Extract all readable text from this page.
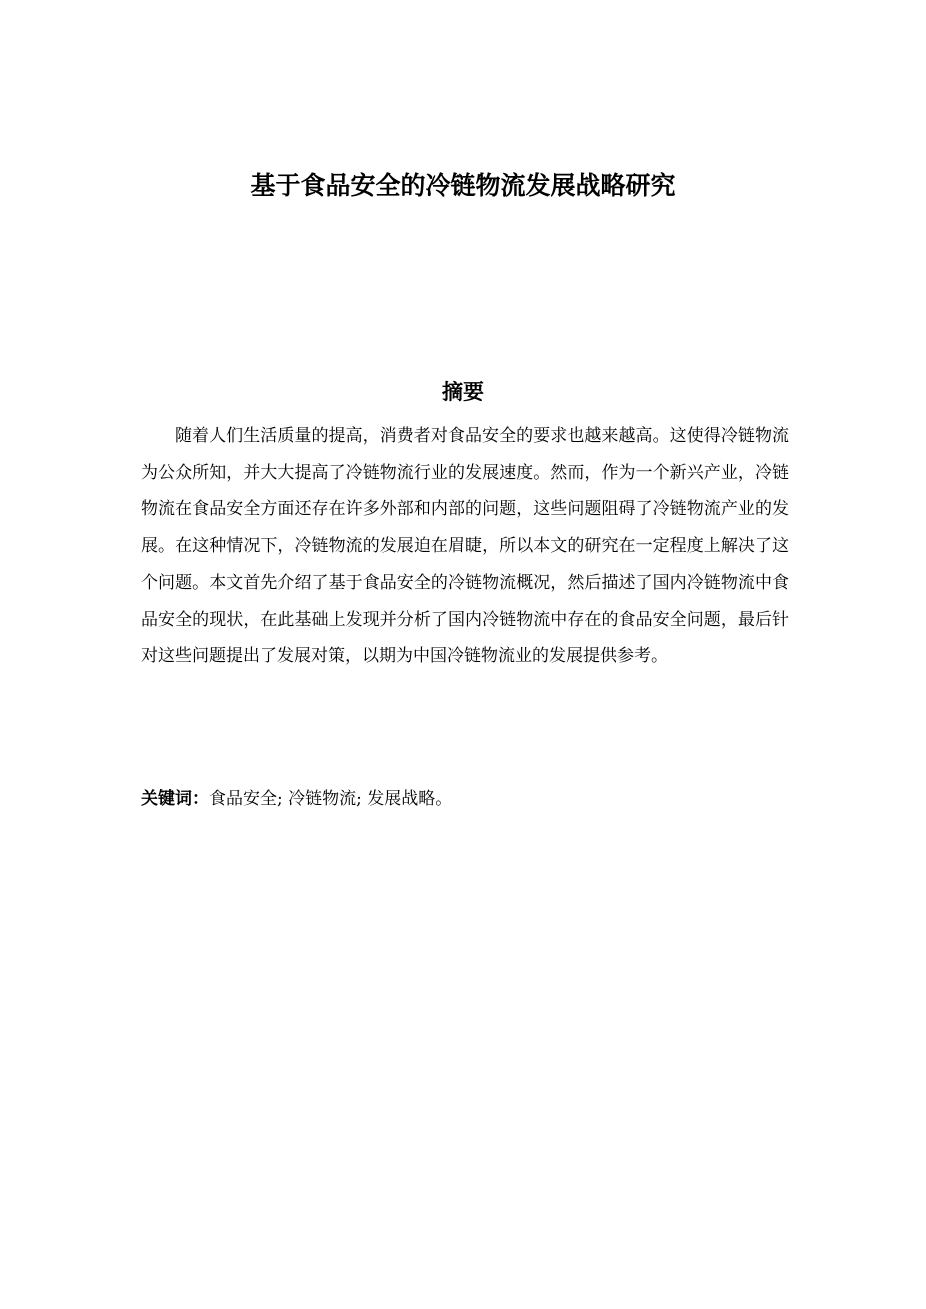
基于食品安全的冷链物流发展战略研究
摘要

随着人们生活质量的提高，消费者对食品安全的要求也越来越高。这使得冷链物流为公众所知，并大大提高了冷链物流行业的发展速度。然而，作为一个新兴产业，冷链物流在食品安全方面还存在许多外部和内部的问题，这些问题阻碍了冷链物流产业的发展。在这种情况下，冷链物流的发展迫在眉睫，所以本文的研究在一定程度上解决了这个问题。本文首先介绍了基于食品安全的冷链物流概况，然后描述了国内冷链物流中食品安全的现状，在此基础上发现并分析了国内冷链物流中存在的食品安全问题，最后针对这些问题提出了发展对策，以期为中国冷链物流业的发展提供参考。

关键词：食品安全; 冷链物流; 发展战略。
